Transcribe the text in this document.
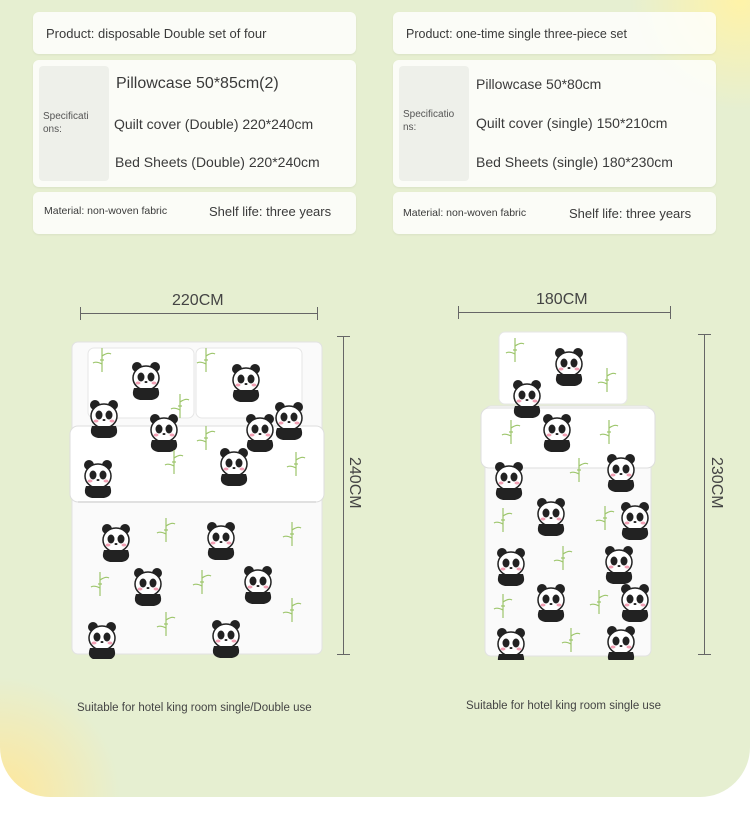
Product: disposable Double set of four
Specificati
ons:
Pillowcase 50*85cm(2)
Quilt cover (Double) 220*240cm
Bed Sheets (Double) 220*240cm
Material: non-woven fabric	Shelf life: three years
Product: one-time single three-piece set
Specificatio
ns:
Pillowcase 50*80cm
Quilt cover (single) 150*210cm
Bed Sheets (single) 180*230cm
Material: non-woven fabric	Shelf life: three years
220CM
240CM
180CM
230CM
Suitable for hotel king room single/Double use	Suitable for hotel king room single use
